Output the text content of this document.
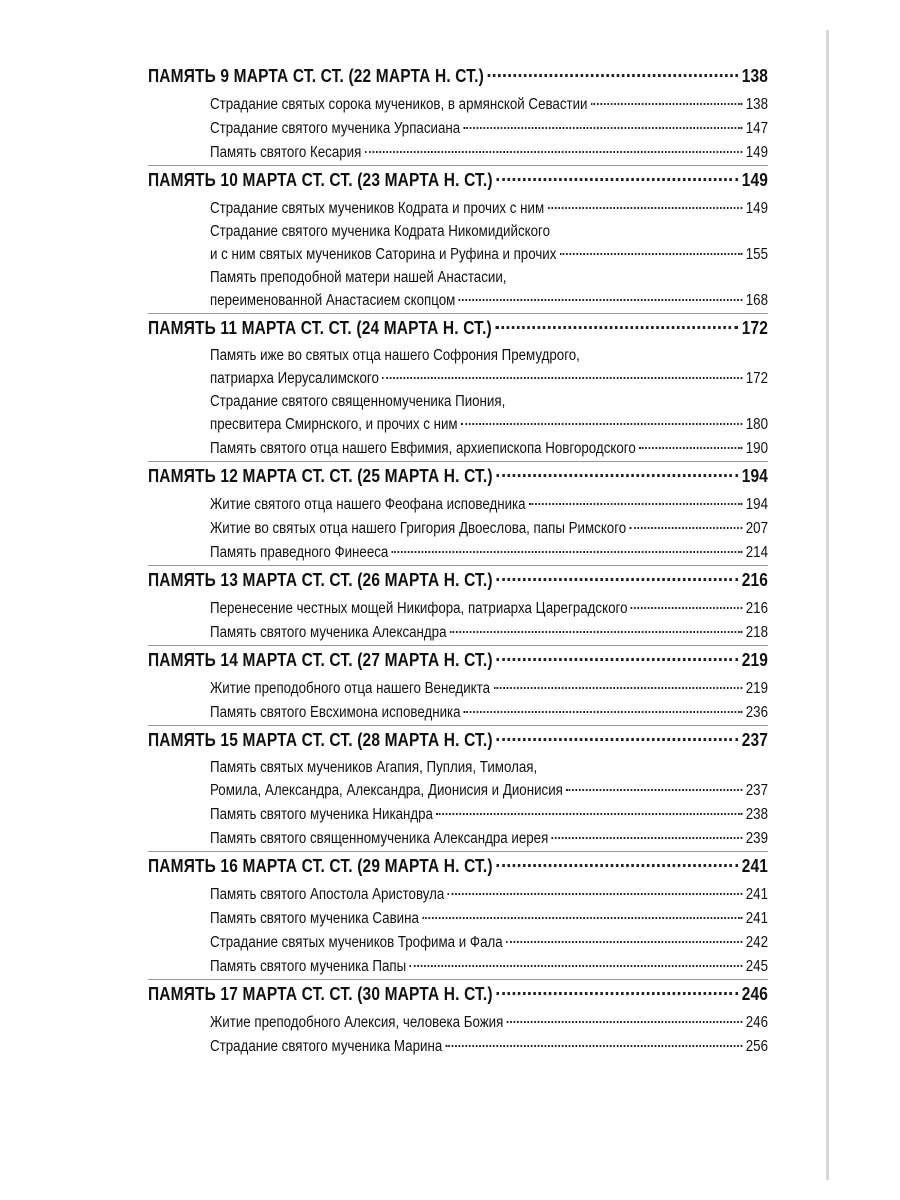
ПАМЯТЬ 9 МАРТА СТ. СТ. (22 МАРТА Н. СТ.)	138
Страдание святых сорока мучеников, в армянской Севастии	138
Страдание святого мученика Урпасиана	147
Память святого Кесария	149
ПАМЯТЬ 10 МАРТА СТ. СТ. (23 МАРТА Н. СТ.)	149
Страдание святых мучеников Кодрата и прочих с ним	149
Страдание святого мученика Кодрата Никомидийского
и с ним святых мучеников Саторина и Руфина и прочих	155
Память преподобной матери нашей Анастасии,
переименованной Анастасием скопцом	168
ПАМЯТЬ 11 МАРТА СТ. СТ. (24 МАРТА Н. СТ.)	172
Память иже во святых отца нашего Софрония Премудрого,
патриарха Иерусалимского	172
Страдание святого священномученика Пиония,
пресвитера Смирнского, и прочих с ним	180
Память святого отца нашего Евфимия, архиепископа Новгородского	190
ПАМЯТЬ 12 МАРТА СТ. СТ. (25 МАРТА Н. СТ.)	194
Житие святого отца нашего Феофана исповедника	194
Житие во святых отца нашего Григория Двоеслова, папы Римского	207
Память праведного Финееса	214
ПАМЯТЬ 13 МАРТА СТ. СТ. (26 МАРТА Н. СТ.)	216
Перенесение честных мощей Никифора, патриарха Цареградского	216
Память святого мученика Александра	218
ПАМЯТЬ 14 МАРТА СТ. СТ. (27 МАРТА Н. СТ.)	219
Житие преподобного отца нашего Венедикта	219
Память святого Евсхимона исповедника	236
ПАМЯТЬ 15 МАРТА СТ. СТ. (28 МАРТА Н. СТ.)	237
Память святых мучеников Агапия, Пуплия, Тимолая,
Ромила, Александра, Александра, Дионисия и Дионисия	237
Память святого мученика Никандра	238
Память святого священномученика Александра иерея	239
ПАМЯТЬ 16 МАРТА СТ. СТ. (29 МАРТА Н. СТ.)	241
Память святого Апостола Аристовула	241
Память святого мученика Савина	241
Страдание святых мучеников Трофима и Фала	242
Память святого мученика Папы	245
ПАМЯТЬ 17 МАРТА СТ. СТ. (30 МАРТА Н. СТ.)	246
Житие преподобного Алексия, человека Божия	246
Страдание святого мученика Марина	256
